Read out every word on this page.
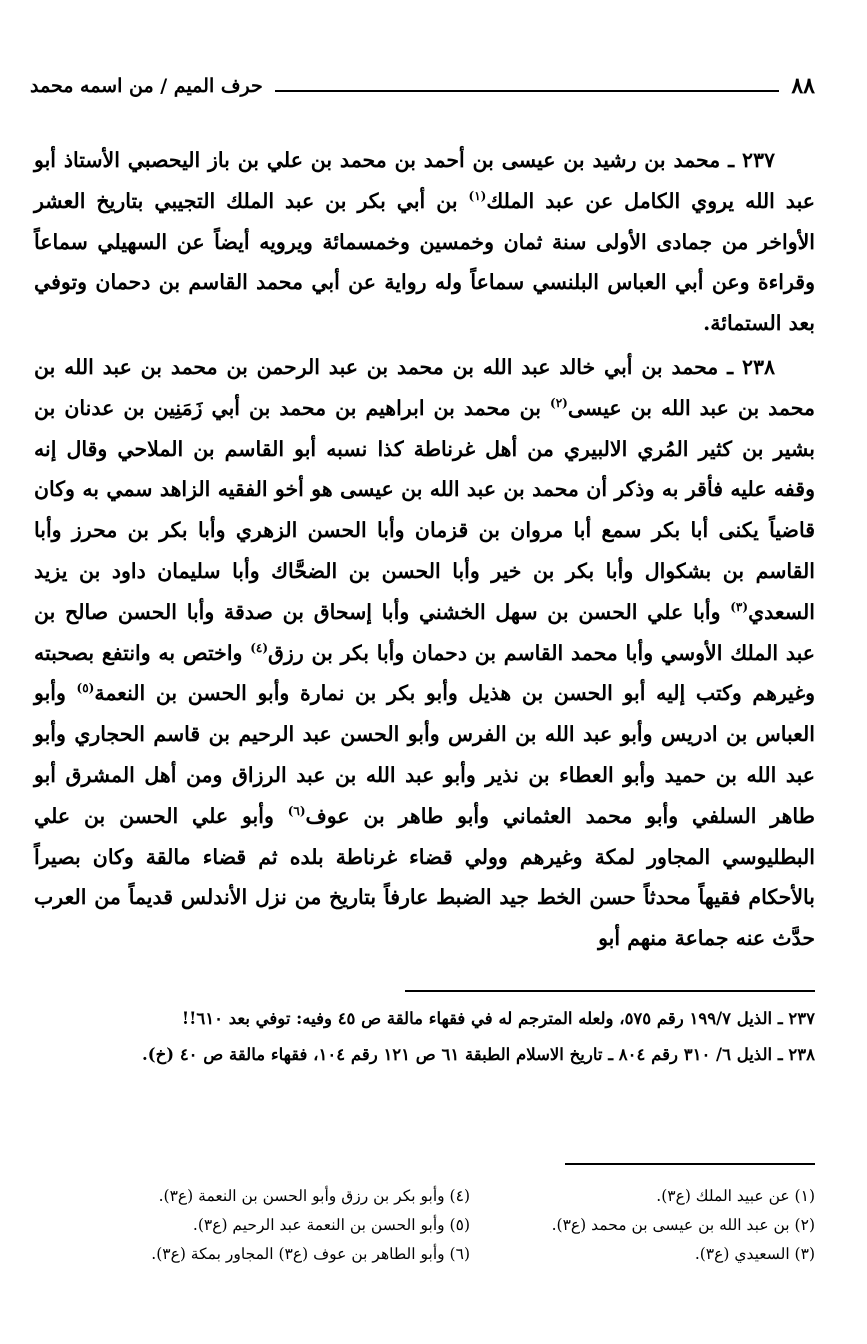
حرف الميم / من اسمه محمد	٨٨

٢٣٧ ـ محمد بن رشيد بن عيسى بن أحمد بن محمد بن علي بن باز اليحصبي الأستاذ أبو عبد الله يروي الكامل عن عبد الملك$^{(١)}$ بن أبي بكر بن عبد الملك التجيبي بتاريخ العشر الأواخر من جمادى الأولى سنة ثمان وخمسين وخمسمائة ويرويه أيضاً عن السهيلي سماعاً وقراءة وعن أبي العباس البلنسي سماعاً وله رواية عن أبي محمد القاسم بن دحمان وتوفي بعد الستمائة.

٢٣٨ ـ محمد بن أبي خالد عبد الله بن محمد بن عبد الرحمن بن محمد بن عبد الله بن محمد بن عبد الله بن عيسى$^{(٢)}$ بن محمد بن ابراهيم بن محمد بن أبي زَمَنِين بن عدنان بن بشير بن كثير المُري الالبيري من أهل غرناطة كذا نسبه أبو القاسم بن الملاحي وقال إنه وقفه عليه فأقر به وذكر أن محمد بن عبد الله بن عيسى هو أخو الفقيه الزاهد سمي به وكان قاضياً يكنى أبا بكر سمع أبا مروان بن قزمان وأبا الحسن الزهري وأبا بكر بن محرز وأبا القاسم بن بشكوال وأبا بكر بن خير وأبا الحسن بن الضحَّاك وأبا سليمان داود بن يزيد السعدي$^{(٣)}$ وأبا علي الحسن بن سهل الخشني وأبا إسحاق بن صدقة وأبا الحسن صالح بن عبد الملك الأوسي وأبا محمد القاسم بن دحمان وأبا بكر بن رزق$^{(٤)}$ واختص به وانتفع بصحبته وغيرهم وكتب إليه أبو الحسن بن هذيل وأبو بكر بن نمارة وأبو الحسن بن النعمة$^{(٥)}$ وأبو العباس بن ادريس وأبو عبد الله بن الفرس وأبو الحسن عبد الرحيم بن قاسم الحجاري وأبو عبد الله بن حميد وأبو العطاء بن نذير وأبو عبد الله بن عبد الرزاق ومن أهل المشرق أبو طاهر السلفي وأبو محمد العثماني وأبو طاهر بن عوف$^{(٦)}$ وأبو علي الحسن بن علي البطليوسي المجاور لمكة وغيرهم وولي قضاء غرناطة بلده ثم قضاء مالقة وكان بصيراً بالأحكام فقيهاً محدثاً حسن الخط جيد الضبط عارفاً بتاريخ من نزل الأندلس قديماً من العرب حدَّث عنه جماعة منهم أبو

٢٣٧ ـ الذيل ١٩٩/٧ رقم ٥٧٥، ولعله المترجم له في فقهاء مالقة ص ٤٥ وفيه: توفي بعد ٦١٠!!

٢٣٨ ـ الذيل ٦/ ٣١٠ رقم ٨٠٤ ـ تاريخ الاسلام الطبقة ٦١ ص ١٢١ رقم ١٠٤، فقهاء مالقة ص ٤٠ (خ).

(١) عن عبيد الملك (ع٣).

(٢) بن عبد الله بن عيسى بن محمد (ع٣).

(٣) السعيدي (ع٣).

(٤) وأبو بكر بن رزق وأبو الحسن بن النعمة (ع٣).

(٥) وأبو الحسن بن النعمة عبد الرحيم (ع٣).

(٦) وأبو الطاهر بن عوف (ع٣) المجاور بمكة (ع٣).
